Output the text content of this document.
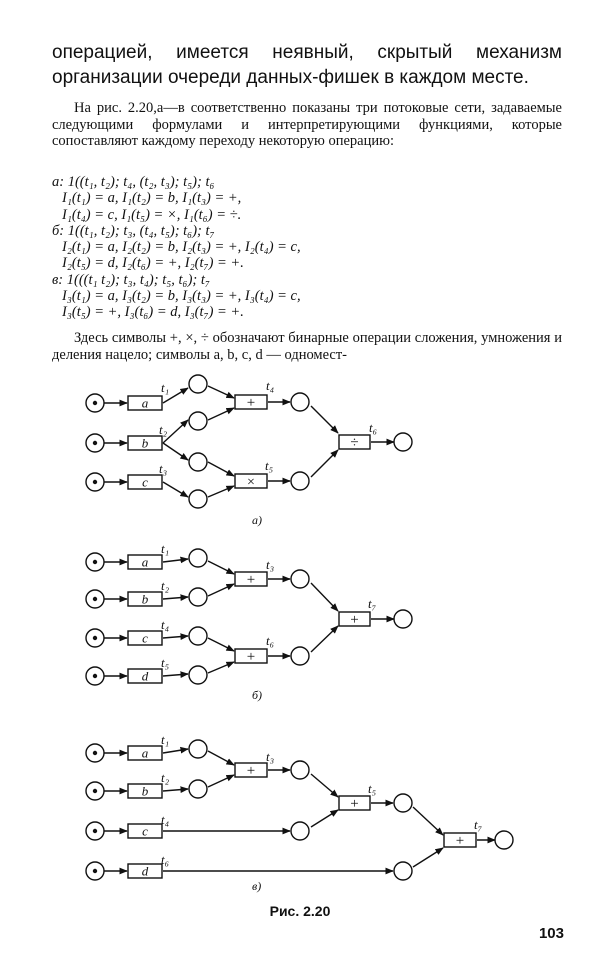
операцией, имеется неявный, скрытый механизм организации очереди данных-фишек в каждом месте.

На рис. 2.20,а—в соответственно показаны три потоковые сети, задаваемые следующими формулами и интерпретирующими функциями, которые сопоставляют каждому переходу некоторую операцию:

а: 1((t₁, t₂); t₄, (t₂, t₃); t₅); t₆

I₁(t₁) = a, I₁(t₂) = b, I₁(t₃) = +,

I₁(t₄) = c, I₁(t₅) = ×, I₁(t₆) = ÷.

б: 1((t₁, t₂); t₃, (t₄, t₅); t₆); t₇

I₂(t₁) = a, I₂(t₂) = b, I₂(t₃) = +, I₂(t₄) = c,

I₂(t₅) = d, I₂(t₆) = +, I₂(t₇) = +.

в: 1(((t₁ t₂); t₃, t₄); t₅, t₆); t₇

I₃(t₁) = a, I₃(t₂) = b, I₃(t₃) = +, I₃(t₄) = c,

I₃(t₅) = +, I₃(t₆) = d, I₃(t₇) = +.

Здесь символы +, ×, ÷ обозначают бинарные операции сложения, умножения и деления нацело; символы a, b, c, d — одномест-

a
b
c
+
×
÷
t₁
t₂
t₃
t₄
t₅
t₆
а)
a
b
c
d
+
+
+
t₁
t₂
t₄
t₅
t₃
t₆
t₇
б)
a
b
c
d
+
+
+
t₁
t₂
t₄
t₆
t₃
t₅
t₇
в)

Рис. 2.20

103
